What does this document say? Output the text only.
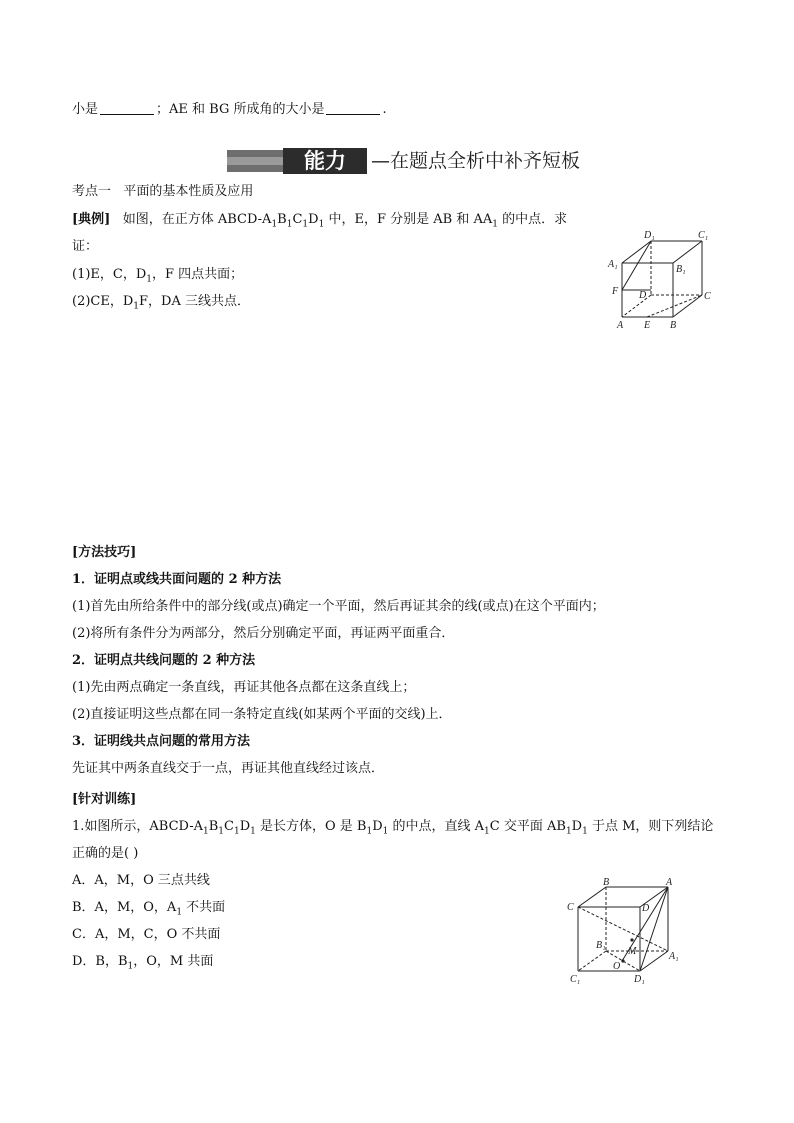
小是	；AE 和 BG 所成角的大小是	.
能力	—在题点全析中补齐短板
考点一 平面的基本性质及应用
[典例] 如图，在正方体 ABCD-$A_1B_1C_1D_1$ 中，E，F 分别是 AB 和 $AA_1$ 的中点．求
证：
(1)E，C，$D_1$，F 四点共面；
(2)CE，$D_1F$，DA 三线共点．
D₁	C₁
A₁	B₁
F D	C
A E B
[方法技巧]
1．证明点或线共面问题的 2 种方法
(1)首先由所给条件中的部分线(或点)确定一个平面，然后再证其余的线(或点)在这个平面内；
(2)将所有条件分为两部分，然后分别确定平面，再证两平面重合．
2．证明点共线问题的 2 种方法
(1)先由两点确定一条直线，再证其他各点都在这条直线上；
(2)直接证明这些点都在同一条特定直线(如某两个平面的交线)上．
3．证明线共点问题的常用方法
先证其中两条直线交于一点，再证其他直线经过该点．
[针对训练]
1.如图所示，ABCD-$A_1B_1C_1D_1$ 是长方体，O 是 $B_1D_1$ 的中点，直线 $A_1C$ 交平面 $AB_1D_1$ 于点 M，则下列结论
正确的是( )
A．A，M，O 三点共线
B．A，M，O，$A_1$ 不共面
C．A，M，C，O 不共面
D．B，$B_1$，O，M 共面
B	A
C	D
M
B₁
O
A₁
C₁	D₁
